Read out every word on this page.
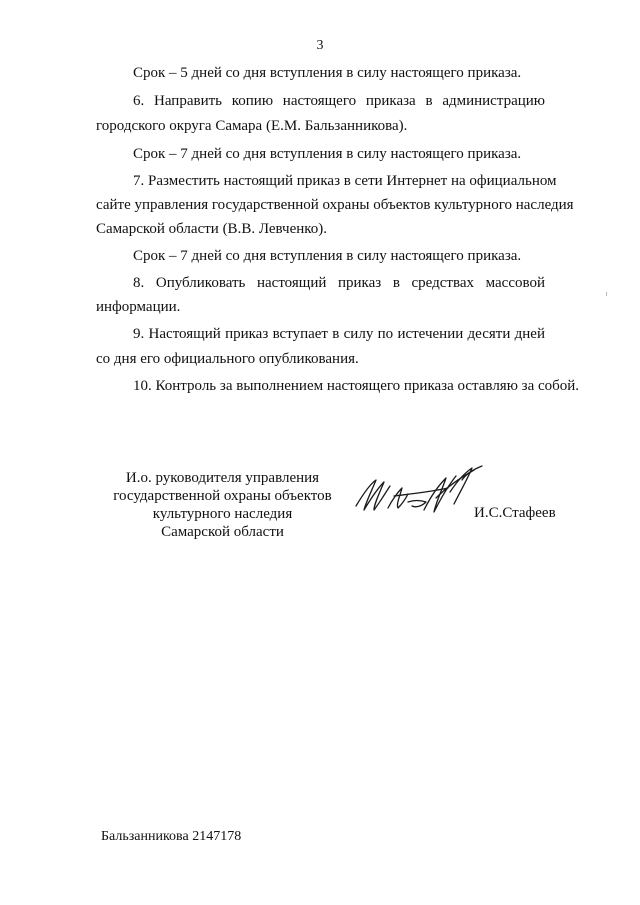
3
Срок – 5 дней со дня вступления в силу настоящего приказа.
6. Направить копию настоящего приказа в администрацию
городского округа Самара (Е.М. Бальзанникова).
Срок – 7 дней со дня вступления в силу настоящего приказа.
7. Разместить настоящий приказ в сети Интернет на официальном
сайте управления государственной охраны объектов культурного наследия
Самарской области (В.В. Левченко).
Срок – 7 дней со дня вступления в силу настоящего приказа.
8. Опубликовать настоящий приказ в средствах массовой
информации.
9. Настоящий приказ вступает в силу по истечении десяти дней
со дня его официального опубликования.
10. Контроль за выполнением настоящего приказа оставляю за собой.
И.о. руководителя управления
государственной охраны объектов
культурного наследия
Самарской области
И.С.Стафеев
Бальзанникова 2147178
